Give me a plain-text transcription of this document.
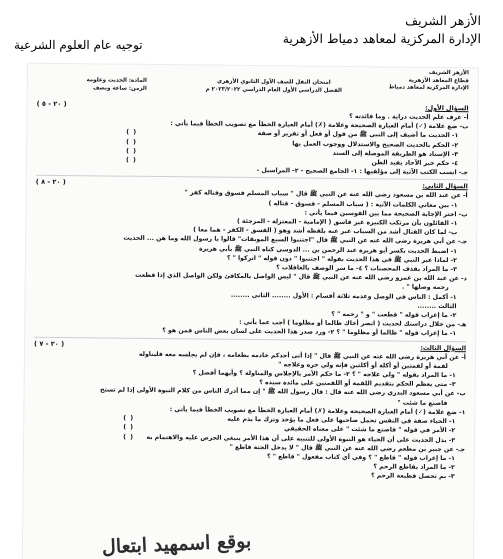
الأزهر الشريف
الإدارة المركزية لمعاهد دمياط الأزهرية
توجيه عام العلوم الشرعية
الأزهر الشريف
قطاع المعاهد الأزهرية
الإدارة المركزية لمعاهد دمياط
امتحان النقل للصف الأول الثانوي الأزهري
الفصل الدراسي الأول العام الدراسي ٢٠٢٣/٢٠٢٢ م
المادة: الحديث وعلومه
الزمن: ساعة ونصف
السؤال الأول:
( ٢٠ - ٥ )
أ- عرف علم الحديث دراية . وما فائدته ؟
ب- ضع علامة (✓) أمام العبارة الصحيحة وعلامة (✗) أمام العبارة الخطأ مع تصويب الخطأ فيما يأتي :
١- الحديث ما أضيف إلى النبي ﷺ من قول أو فعل أو تقرير أو صفة
( )
٢- الحكم بالحديث الصحيح والاستدلال ووجوب العمل بها
( )
٣- الإسناد هو الطريقة الموصلة إلى السند
( )
٤- حكم خبر الآحاد يفيد الظن
( )
جـ- انسب الكتب الآتية إلى مؤلفيها : ١- الجامع الصحيح - ٢- المراسيل -
السؤال الثاني:
( ٢٠ - ٨ )
أ- عن عبد الله بن مسعود رضي الله عنه عن النبي ﷺ قال " سباب المسلم فسوق وقتاله كفر "
١- بين معاني الكلمات الآتية : ( سباب المسلم - فسوق - قتاله )
ب- اختر الإجابة الصحيحة مما بين القوسين فيما يأتي :
١- القائلون بأن مرتكب الكبيرة غير فاسق ( الإمامية - المعتزلة - المرجئة )
ب- لما كان القتال أشد من السباب عبر عنه بلفظه أشد وهو ( الفسق - الكفر - هما معا )
جـ- عن أبي هريرة رضي الله عنه عن النبي ﷺ قال "اجتنبوا السبع الموبقات" قالوا يا رسول الله وما هن ... الحديث
١- اضبط الحديث بكسر أبو هريرة عبد الرحمن بن ... الدوسي كناه النبي ﷺ بأبي هريرة
٢- لماذا عبر النبي ﷺ في هذا الحديث بقوله " اجتنبوا " دون قوله " اتركوا " ؟
٣- ما المراد بقذف المحصنات ؟ ٤- ما سر الوصف بالغافلات ؟
د- عن عبد الله بن عمرو رضي الله عنه عن النبي ﷺ قال " ليس الواصل بالمكافئ ولكن الواصل الذي إذا قطعت
رحمه وصلها " .
١- أكمل : الناس في الوصل وعدمه ثلاثة أقسام : الأول ........ الثاني ........
الثالث ........
٢- ما إعراب قوله " قطعت " و " رحمه " ؟
هـ- من خلال دراستك لحديث ( انصر أخاك ظالما أو مظلوما ) أجب عما يأتي :
١- ما إعراب قوله " ظالما أو مظلوما " ؟ ٢- ورد صدر هذا الحديث على لسان بعض الناس فمن هو ؟
السؤال الثالث:
( ٢٠ - ٧ )
أ- عن أبي هريرة رضي الله عنه عن النبي ﷺ قال " إذا أتى أحدكم خادمه بطعامه ، فإن لم يجلسه معه فليناوله
لقمة أو لقمتين أو أكلة أو أكلتين فإنه ولي حره وعلاجه "
١- ما المراد بقوله " ولي علاجه " ؟ ٢- ما حكم الأمر بالإجلاس والمناولة ؟ وأيهما أفضل ؟
٣- متى يعظم الحكم بتقديم اللقمة أو اللقمتين على مائدة سيده ؟
ب- عن أبي مسعود البدري رضي الله عنه قال : قال رسول الله ﷺ " إن مما أدرك الناس من كلام النبوة الأولى إذا لم تستح
فاصنع ما شئت "
١- ضع علامة (✓) أمام العبارة الصحيحة وعلامة (✗) أمام العبارة الخطأ مع تصويب الخطأ فيما يأتي :
١- الحياء صفة في النفس تحمل صاحبها على فعل ما يؤخذ وترك ما يذم عليه
( )
٢- الأمر في قوله " فاصنع ما شئت " على معناه الحقيقي
( )
٣- يدل الحديث على أن الحياء هو النبوة الأولى للتنبيه على أن هذا الأمر ينبغي الحرص عليه والاهتمام به
( )
جـ- عن جبير بن مطعم رضي الله عنه عن النبي ﷺ قال " لا يدخل الجنة قاطع "
١- ما إعراب قوله " قاطع " ؟ وفي أي كتاب مفعول " قاطع " ؟
٢- ما المراد بقاطع الرحم ؟
٣- بم تحصل قطيعة الرحم ؟
بوقع اسمهيد ابتعال
